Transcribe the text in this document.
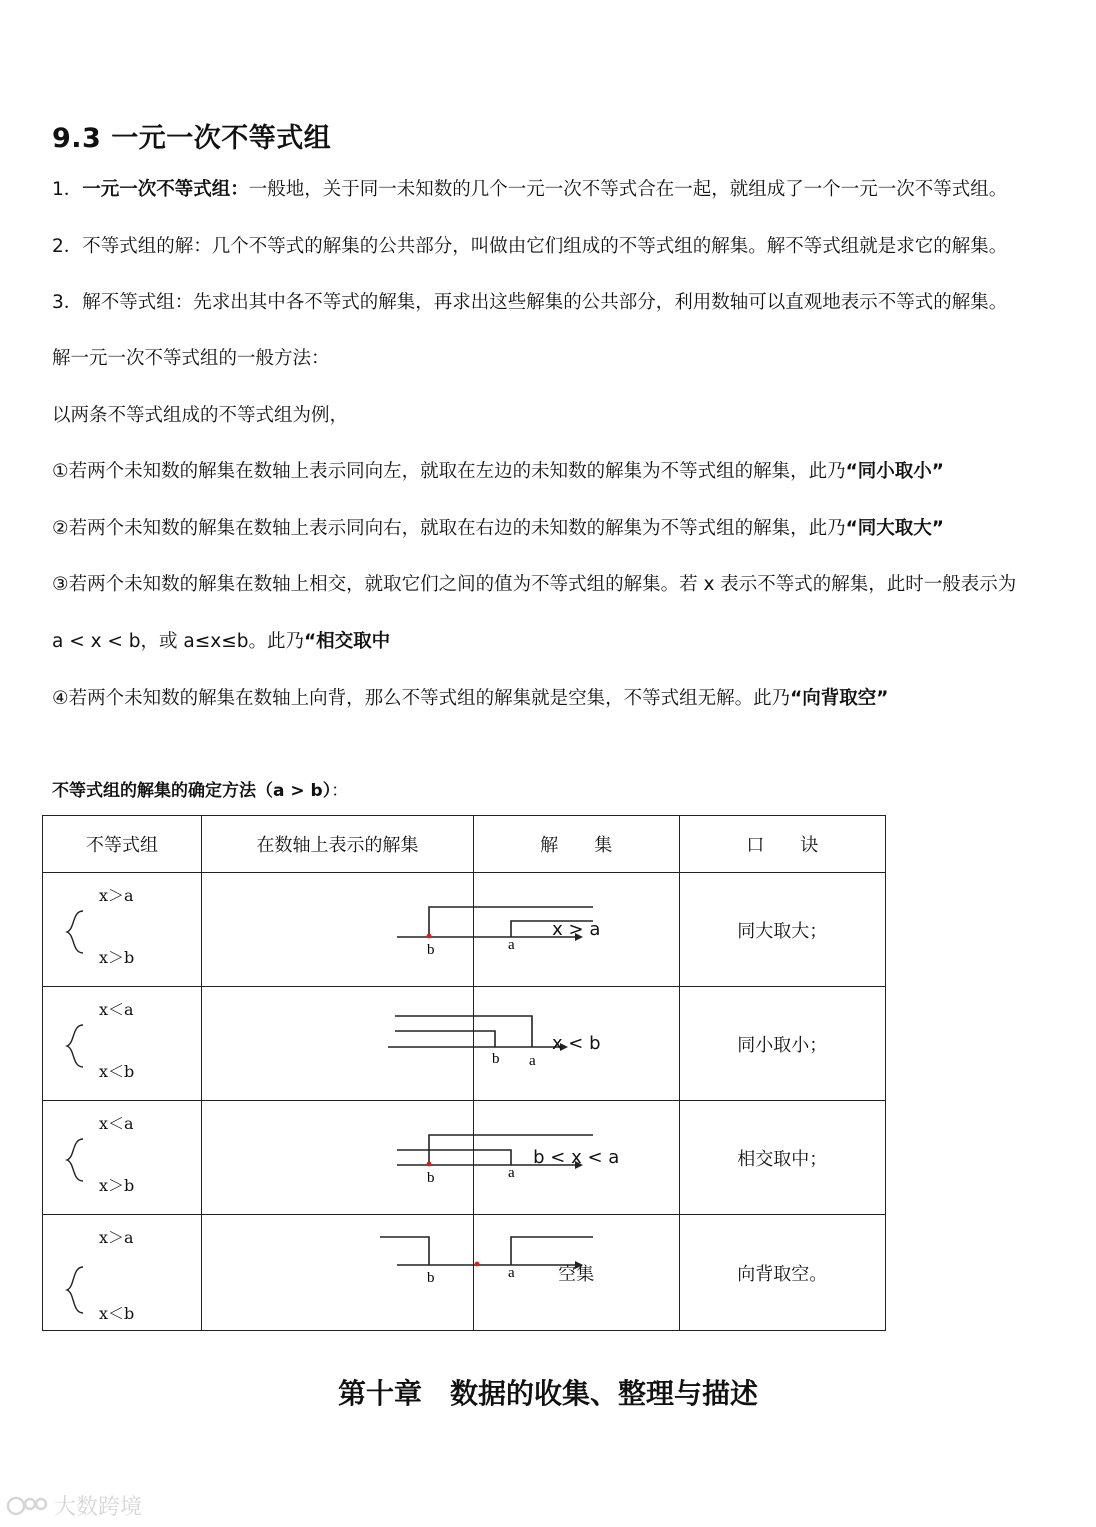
9.3 一元一次不等式组
1．一元一次不等式组：一般地，关于同一未知数的几个一元一次不等式合在一起，就组成了一个一元一次不等式组。
2．不等式组的解：几个不等式的解集的公共部分，叫做由它们组成的不等式组的解集。解不等式组就是求它的解集。
3．解不等式组：先求出其中各不等式的解集，再求出这些解集的公共部分，利用数轴可以直观地表示不等式的解集。
解一元一次不等式组的一般方法：
以两条不等式组成的不等式组为例，
①若两个未知数的解集在数轴上表示同向左，就取在左边的未知数的解集为不等式组的解集，此乃“同小取小”
②若两个未知数的解集在数轴上表示同向右，就取在右边的未知数的解集为不等式组的解集，此乃“同大取大”
③若两个未知数的解集在数轴上相交，就取它们之间的值为不等式组的解集。若 x 表示不等式的解集，此时一般表示为
a < x < b，或 a≤x≤b。此乃“相交取中
④若两个未知数的解集在数轴上向背，那么不等式组的解集就是空集，不等式组无解。此乃“向背取空”
不等式组的解集的确定方法（a > b）：
不等式组	在数轴上表示的解集	解　　集	口　　诀

x＞a
x＞b	b a	x > a	同大取大；

x＜a
x＜b	b a	x < b	同小取小；

x＜a
x＞b	b a	b < x < a	相交取中；

x＞a
x＜b	b a	空集	向背取空。
第十章　数据的收集、整理与描述
大数跨境
